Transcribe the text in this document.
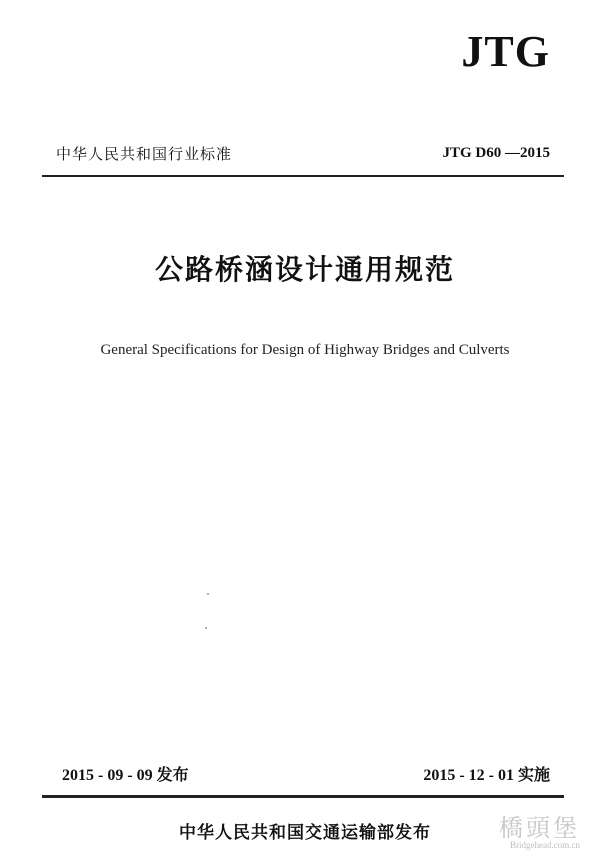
JTG
中华人民共和国行业标准	JTG D60 —2015
公路桥涵设计通用规范
General Specifications for Design of Highway Bridges and Culverts
2015 - 09 - 09 发布	2015 - 12 - 01 实施
中华人民共和国交通运输部发布	橋頭堡
Bridgehead.com.cn
